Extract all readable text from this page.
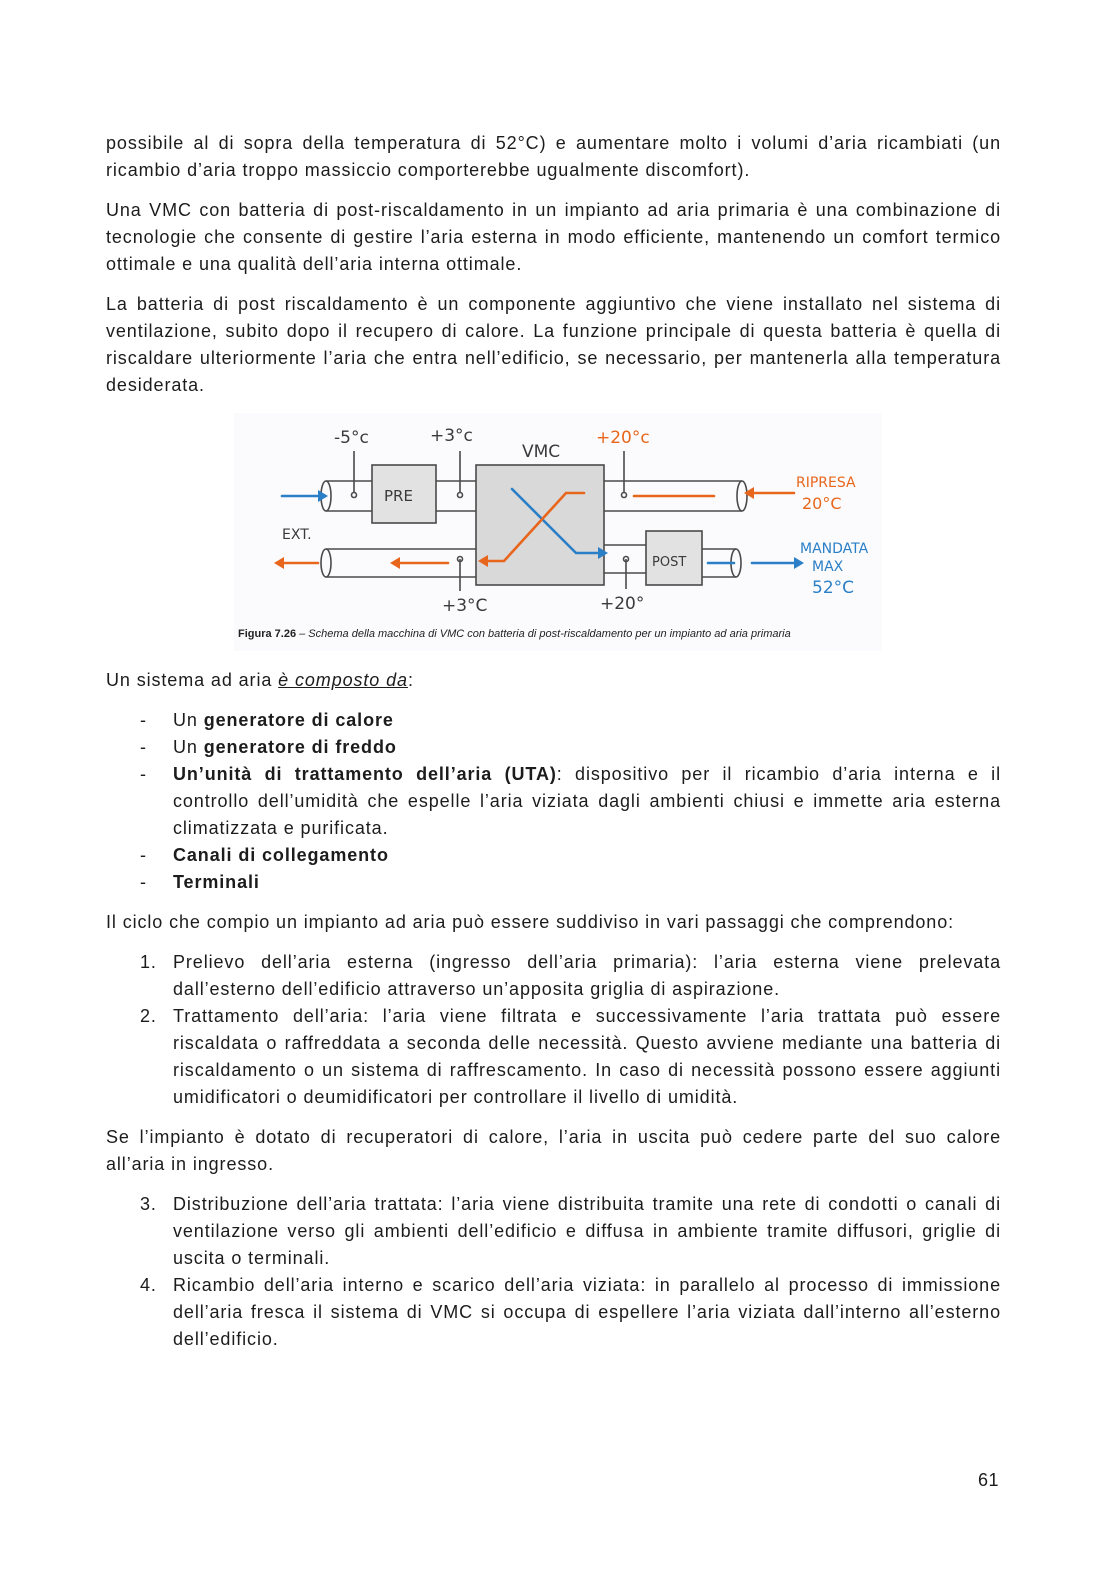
possibile al di sopra della temperatura di 52°C) e aumentare molto i volumi d’aria ricambiati (un ricambio d’aria troppo massiccio comporterebbe ugualmente discomfort).

Una VMC con batteria di post-riscaldamento in un impianto ad aria primaria è una combinazione di tecnologie che consente di gestire l’aria esterna in modo efficiente, mantenendo un comfort termico ottimale e una qualità dell’aria interna ottimale.

La batteria di post riscaldamento è un componente aggiuntivo che viene installato nel sistema di ventilazione, subito dopo il recupero di calore. La funzione principale di questa batteria è quella di riscaldare ulteriormente l’aria che entra nell’edificio, se necessario, per mantenerla alla temperatura desiderata.

-5°c	+3°c
VMC
PRE
EXT.
POST
+3°C	+20°
+20°c
RIPRESA
20°C
MANDATA
MAX
52°C
Figura 7.26 – Schema della macchina di VMC con batteria di post-riscaldamento per un impianto ad aria primaria

Un sistema ad aria è composto da:

- Un generatore di calore
- Un generatore di freddo
- Un’unità di trattamento dell’aria (UTA): dispositivo per il ricambio d’aria interna e il controllo dell’umidità che espelle l’aria viziata dagli ambienti chiusi e immette aria esterna climatizzata e purificata.
- Canali di collegamento
- Terminali

Il ciclo che compio un impianto ad aria può essere suddiviso in vari passaggi che comprendono:

1. Prelievo dell’aria esterna (ingresso dell’aria primaria): l’aria esterna viene prelevata dall’esterno dell’edificio attraverso un’apposita griglia di aspirazione.
2. Trattamento dell’aria: l’aria viene filtrata e successivamente l’aria trattata può essere riscaldata o raffreddata a seconda delle necessità. Questo avviene mediante una batteria di riscaldamento o un sistema di raffrescamento. In caso di necessità possono essere aggiunti umidificatori o deumidificatori per controllare il livello di umidità.

Se l’impianto è dotato di recuperatori di calore, l’aria in uscita può cedere parte del suo calore all’aria in ingresso.

3. Distribuzione dell’aria trattata: l’aria viene distribuita tramite una rete di condotti o canali di ventilazione verso gli ambienti dell’edificio e diffusa in ambiente tramite diffusori, griglie di uscita o terminali.
4. Ricambio dell’aria interno e scarico dell’aria viziata: in parallelo al processo di immissione dell’aria fresca il sistema di VMC si occupa di espellere l’aria viziata dall’interno all’esterno dell’edificio.
61
